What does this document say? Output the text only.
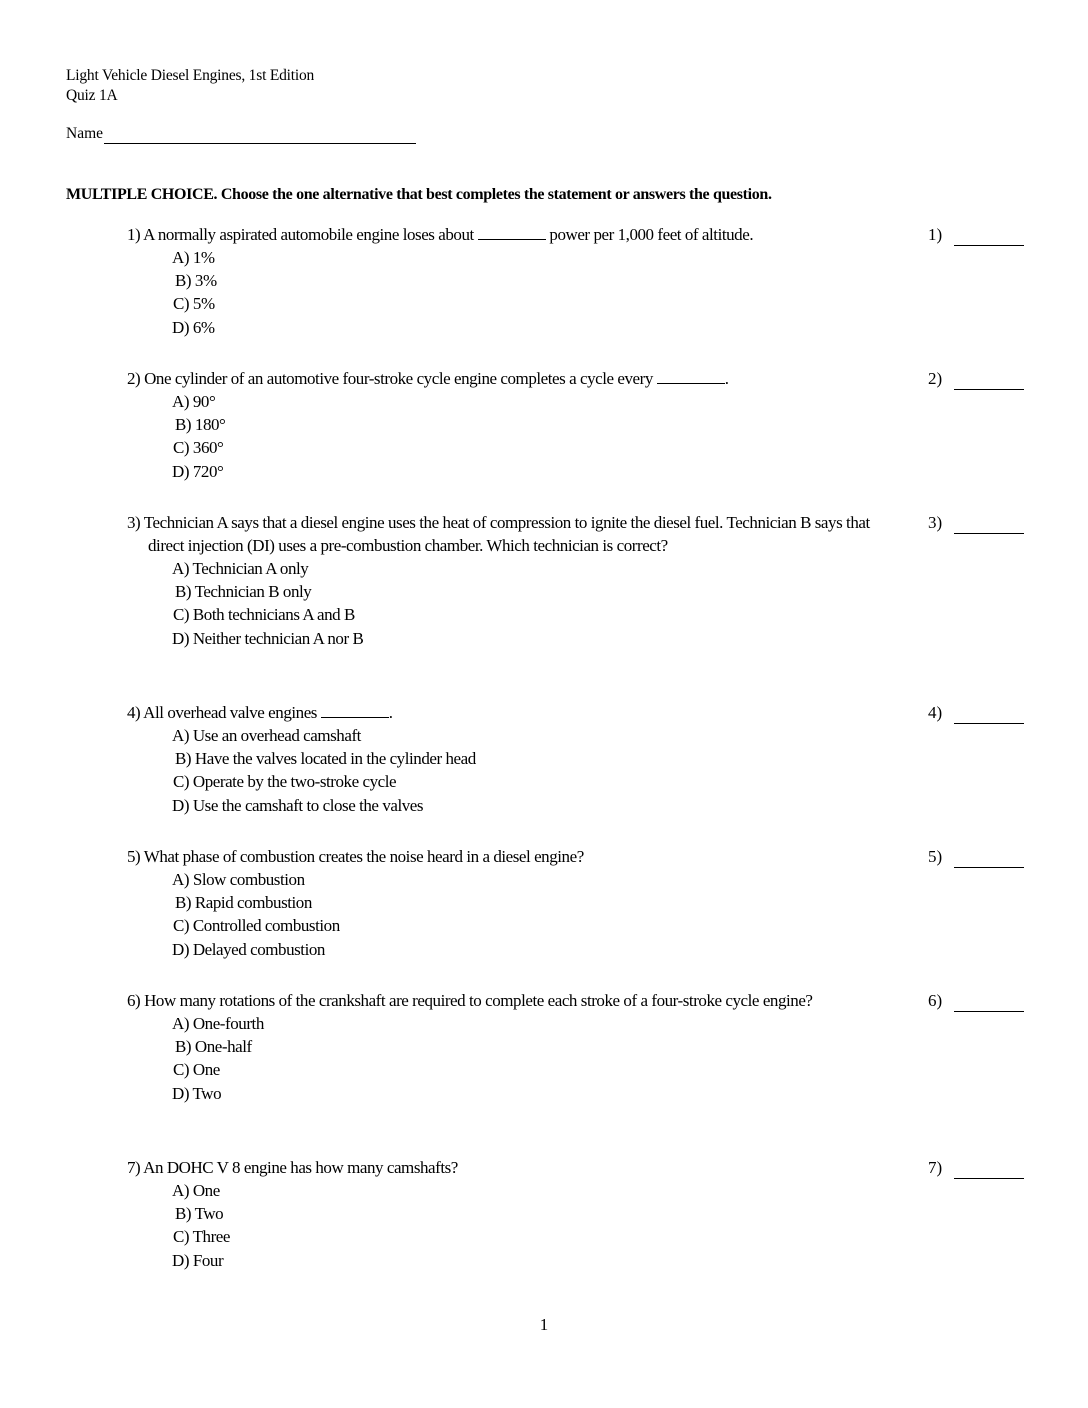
Light Vehicle Diesel Engines, 1st Edition
Quiz 1A
Name
MULTIPLE CHOICE. Choose the one alternative that best completes the statement or answers the question.
1) A normally aspirated automobile engine loses about	power per 1,000 feet of altitude.
A) 1%
B) 3%
C) 5%
D) 6%
1)
2) One cylinder of an automotive four-stroke cycle engine completes a cycle every	.
A) 90°
B) 180°
C) 360°
D) 720°
2)
3) Technician A says that a diesel engine uses the heat of compression to ignite the diesel fuel. Technician B says that direct injection (DI) uses a pre-combustion chamber. Which technician is correct?
A) Technician A only
B) Technician B only
C) Both technicians A and B
D) Neither technician A nor B
3)
4) All overhead valve engines	.
A) Use an overhead camshaft
B) Have the valves located in the cylinder head
C) Operate by the two-stroke cycle
D) Use the camshaft to close the valves
4)
5) What phase of combustion creates the noise heard in a diesel engine?
A) Slow combustion
B) Rapid combustion
C) Controlled combustion
D) Delayed combustion
5)
6) How many rotations of the crankshaft are required to complete each stroke of a four-stroke cycle engine?
A) One-fourth
B) One-half
C) One
D) Two
6)
7) An DOHC V 8 engine has how many camshafts?
A) One
B) Two
C) Three
D) Four
7)
1
